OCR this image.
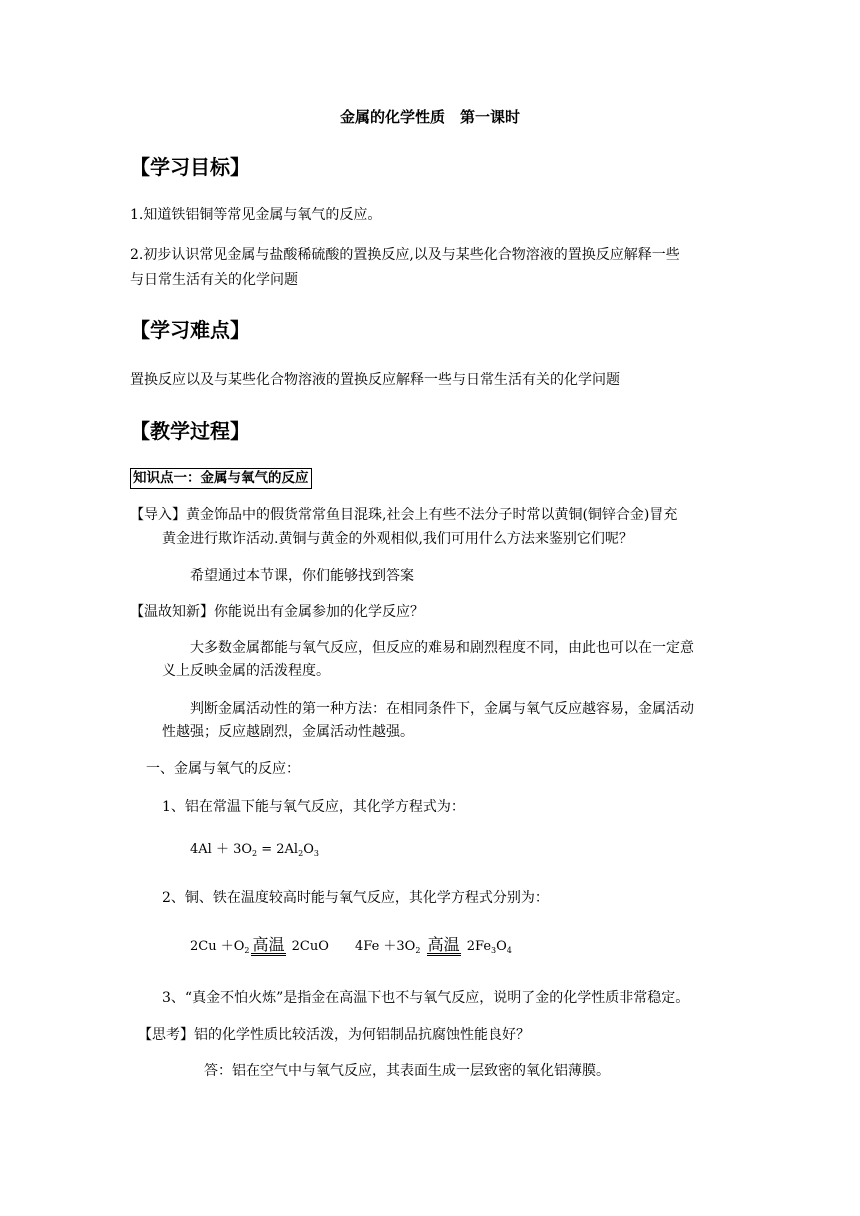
金属的化学性质　第一课时
【学习目标】
1.知道铁铝铜等常见金属与氧气的反应。
2.初步认识常见金属与盐酸稀硫酸的置换反应,以及与某些化合物溶液的置换反应解释一些
与日常生活有关的化学问题
【学习难点】
置换反应以及与某些化合物溶液的置换反应解释一些与日常生活有关的化学问题
【教学过程】
知识点一：金属与氧气的反应
【导入】黄金饰品中的假货常常鱼目混珠,社会上有些不法分子时常以黄铜(铜锌合金)冒充
黄金进行欺诈活动.黄铜与黄金的外观相似,我们可用什么方法来鉴别它们呢？
希望通过本节课，你们能够找到答案
【温故知新】你能说出有金属参加的化学反应？
大多数金属都能与氧气反应，但反应的难易和剧烈程度不同，由此也可以在一定意
义上反映金属的活泼程度。
判断金属活动性的第一种方法：在相同条件下，金属与氧气反应越容易，金属活动
性越强；反应越剧烈，金属活动性越强。
一、金属与氧气的反应：
1、铝在常温下能与氧气反应，其化学方程式为：
$4Al + 3O_2 = 2Al_2O_3$
2、铜、铁在温度较高时能与氧气反应，其化学方程式分别为：
$2Cu +O_2$ 高温 2CuO $4Fe +3O_2$ 高温 $2Fe_3O_4$
3、“真金不怕火炼”是指金在高温下也不与氧气反应，说明了金的化学性质非常稳定。
【思考】铝的化学性质比较活泼，为何铝制品抗腐蚀性能良好？
答：铝在空气中与氧气反应，其表面生成一层致密的氧化铝薄膜。
